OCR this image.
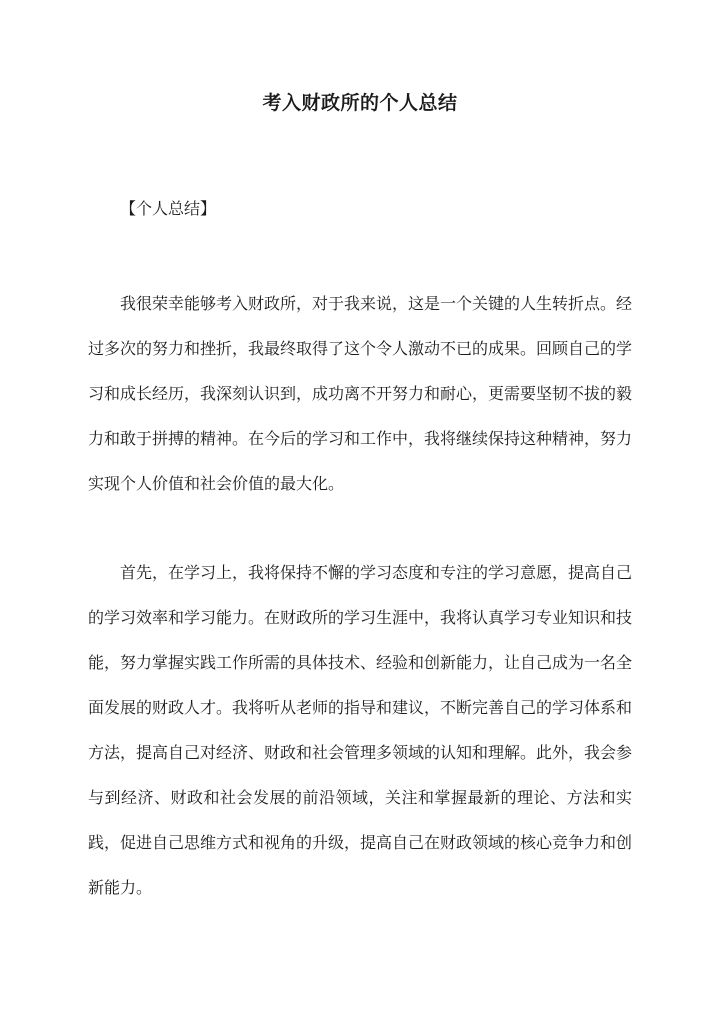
考入财政所的个人总结

【个人总结】

我很荣幸能够考入财政所，对于我来说，这是一个关键的人生转折点。经过多次的努力和挫折，我最终取得了这个令人激动不已的成果。回顾自己的学习和成长经历，我深刻认识到，成功离不开努力和耐心，更需要坚韧不拔的毅力和敢于拼搏的精神。在今后的学习和工作中，我将继续保持这种精神，努力实现个人价值和社会价值的最大化。

首先，在学习上，我将保持不懈的学习态度和专注的学习意愿，提高自己的学习效率和学习能力。在财政所的学习生涯中，我将认真学习专业知识和技能，努力掌握实践工作所需的具体技术、经验和创新能力，让自己成为一名全面发展的财政人才。我将听从老师的指导和建议，不断完善自己的学习体系和方法，提高自己对经济、财政和社会管理多领域的认知和理解。此外，我会参与到经济、财政和社会发展的前沿领域，关注和掌握最新的理论、方法和实践，促进自己思维方式和视角的升级，提高自己在财政领域的核心竞争力和创新能力。
